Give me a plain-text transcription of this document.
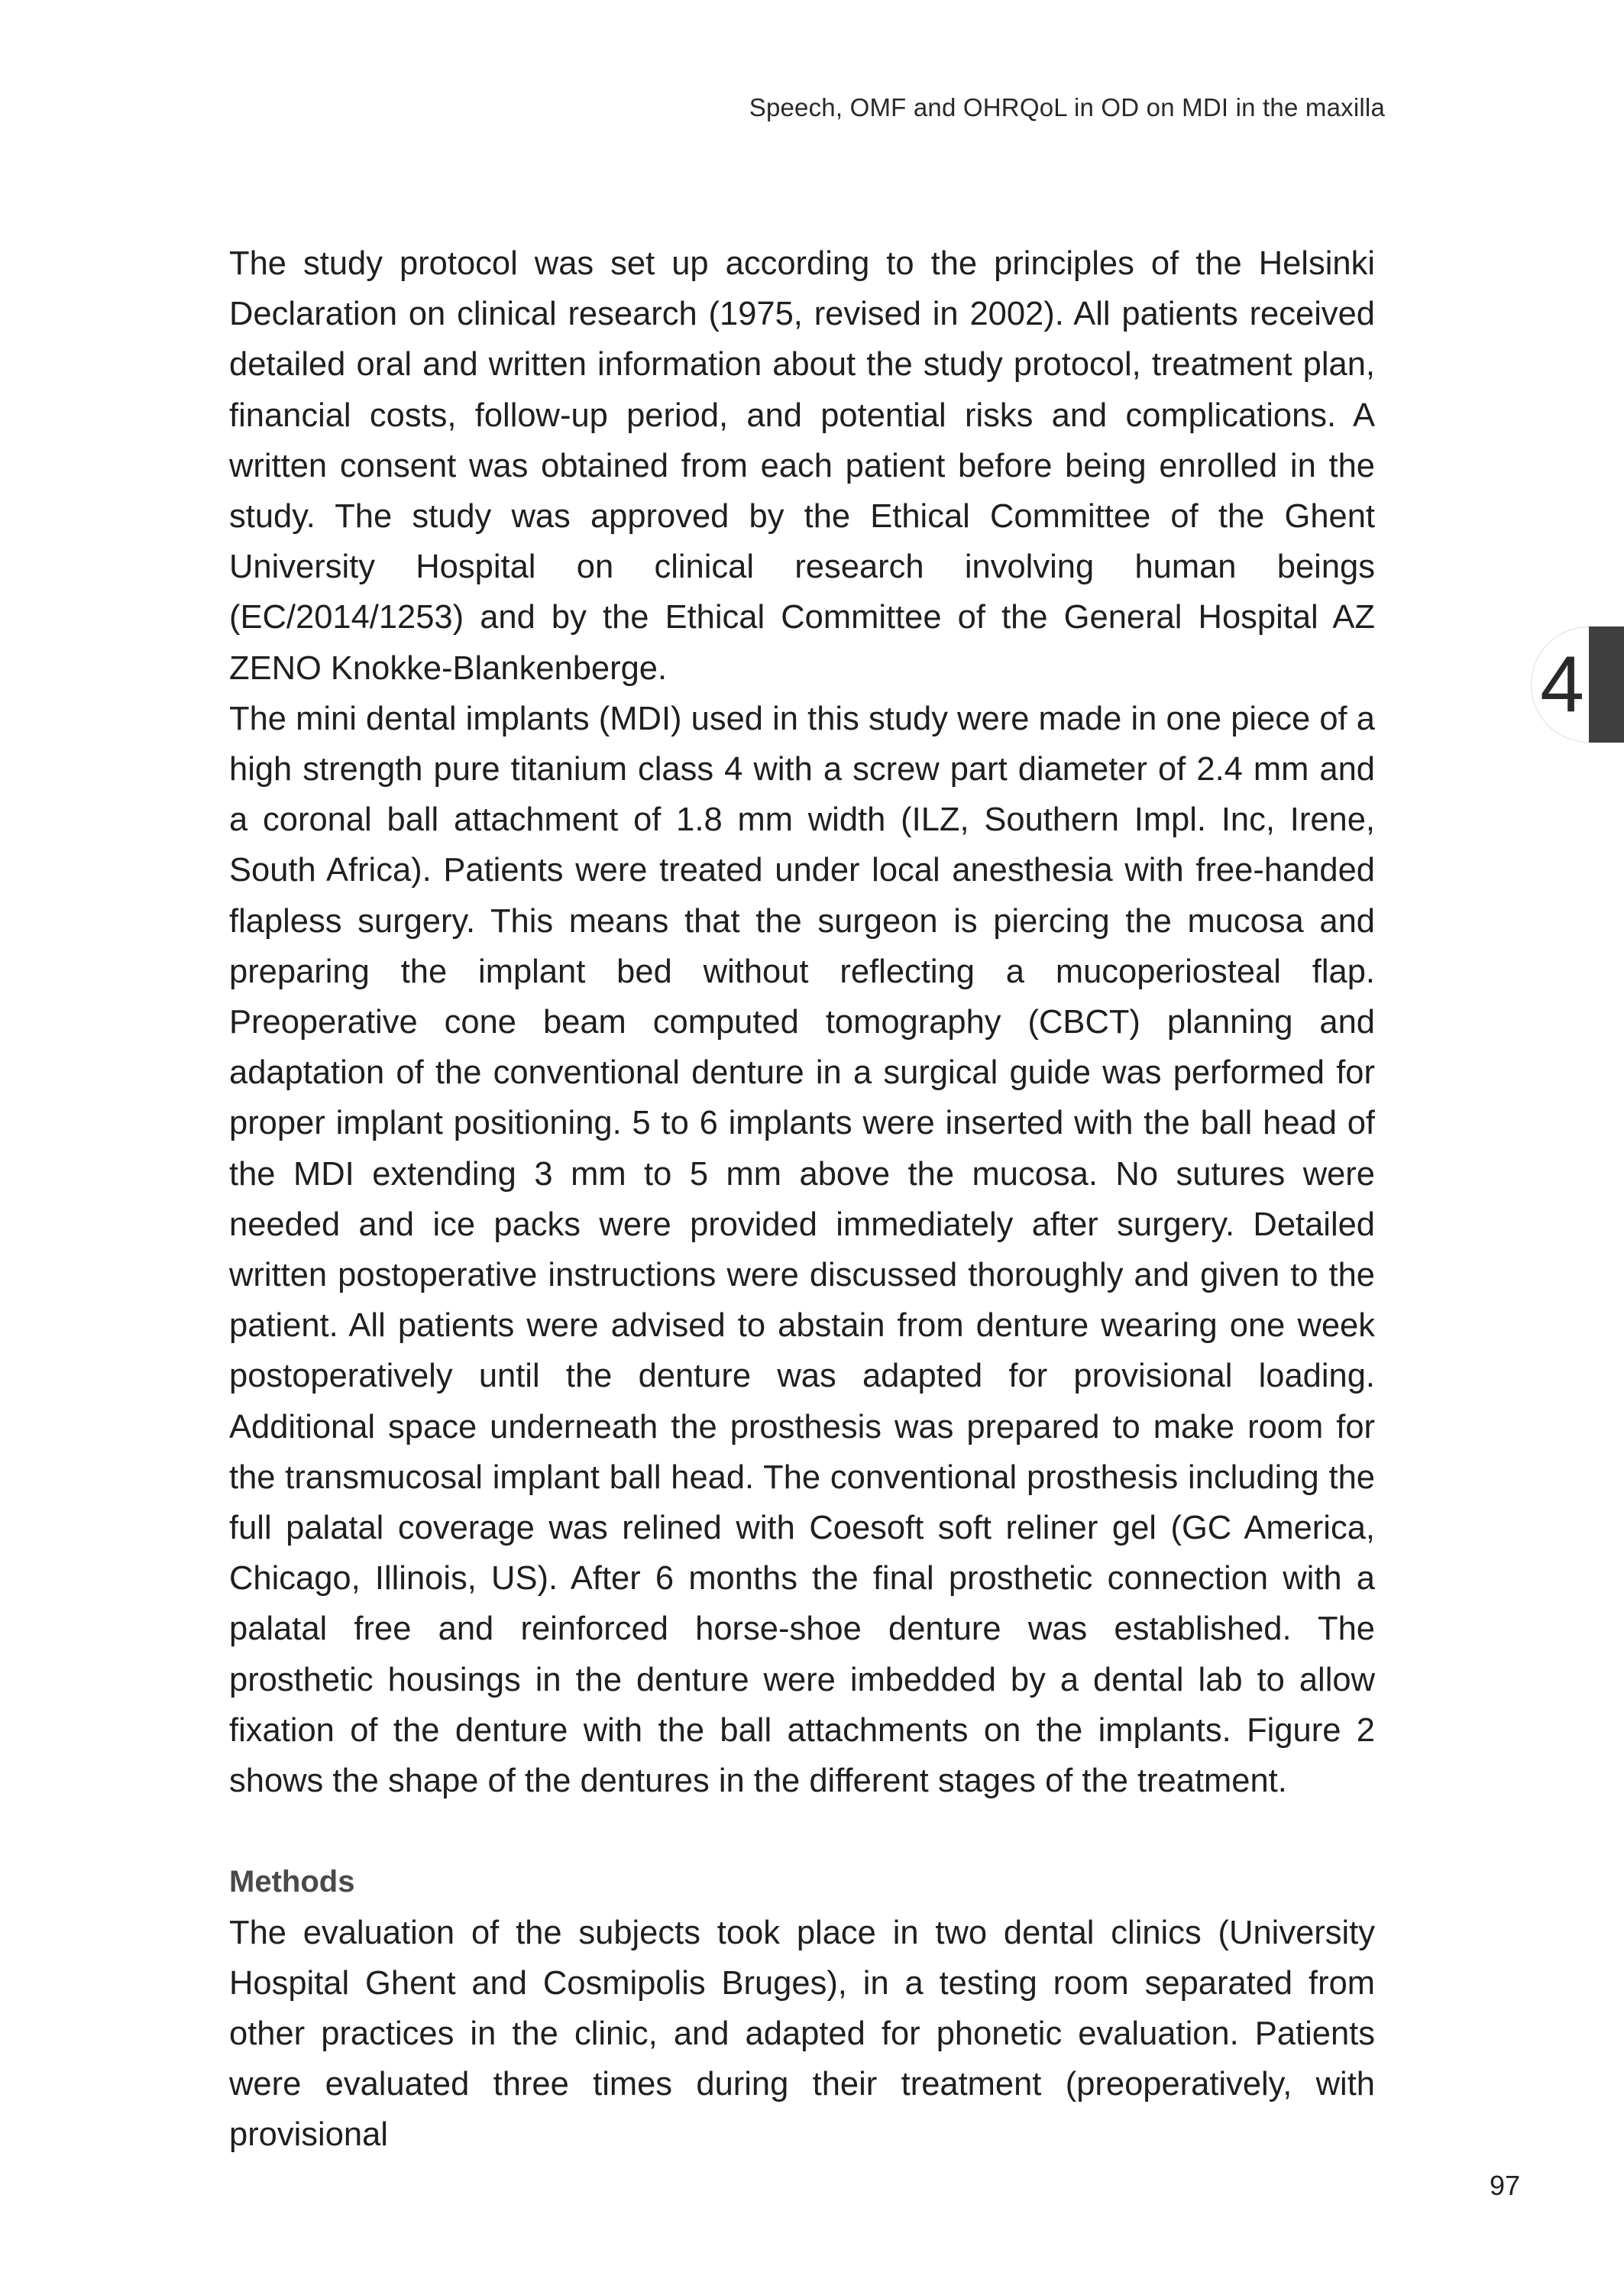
Speech, OMF and OHRQoL in OD on MDI in the maxilla
4

The study protocol was set up according to the principles of the Helsinki Declaration on clinical research (1975, revised in 2002). All patients received detailed oral and written information about the study protocol, treatment plan, financial costs, follow-up period, and potential risks and complications. A written consent was obtained from each patient before being enrolled in the study. The study was approved by the Ethical Committee of the Ghent University Hospital on clinical research involving human beings (EC/2014/1253) and by the Ethical Committee of the General Hospital AZ ZENO Knokke-Blankenberge.

The mini dental implants (MDI) used in this study were made in one piece of a high strength pure titanium class 4 with a screw part diameter of 2.4 mm and a coronal ball attachment of 1.8 mm width (ILZ, Southern Impl. Inc, Irene, South Africa). Patients were treated under local anesthesia with free-handed flapless surgery. This means that the surgeon is piercing the mucosa and preparing the implant bed without reflecting a mucoperiosteal flap. Preoperative cone beam computed tomography (CBCT) planning and adaptation of the conventional denture in a surgical guide was performed for proper implant positioning. 5 to 6 implants were inserted with the ball head of the MDI extending 3 mm to 5 mm above the mucosa. No sutures were needed and ice packs were provided immediately after surgery. Detailed written postoperative instructions were discussed thoroughly and given to the patient. All patients were advised to abstain from denture wearing one week postoperatively until the denture was adapted for provisional loading. Additional space underneath the prosthesis was prepared to make room for the transmucosal implant ball head. The conventional prosthesis including the full palatal coverage was relined with Coesoft soft reliner gel (GC America, Chicago, Illinois, US). After 6 months the final prosthetic connection with a palatal free and reinforced horse-shoe denture was established. The prosthetic housings in the denture were imbedded by a dental lab to allow fixation of the denture with the ball attachments on the implants. Figure 2 shows the shape of the dentures in the different stages of the treatment.

Methods

The evaluation of the subjects took place in two dental clinics (University Hospital Ghent and Cosmipolis Bruges), in a testing room separated from other practices in the clinic, and adapted for phonetic evaluation. Patients were evaluated three times during their treatment (preoperatively, with provisional

97
